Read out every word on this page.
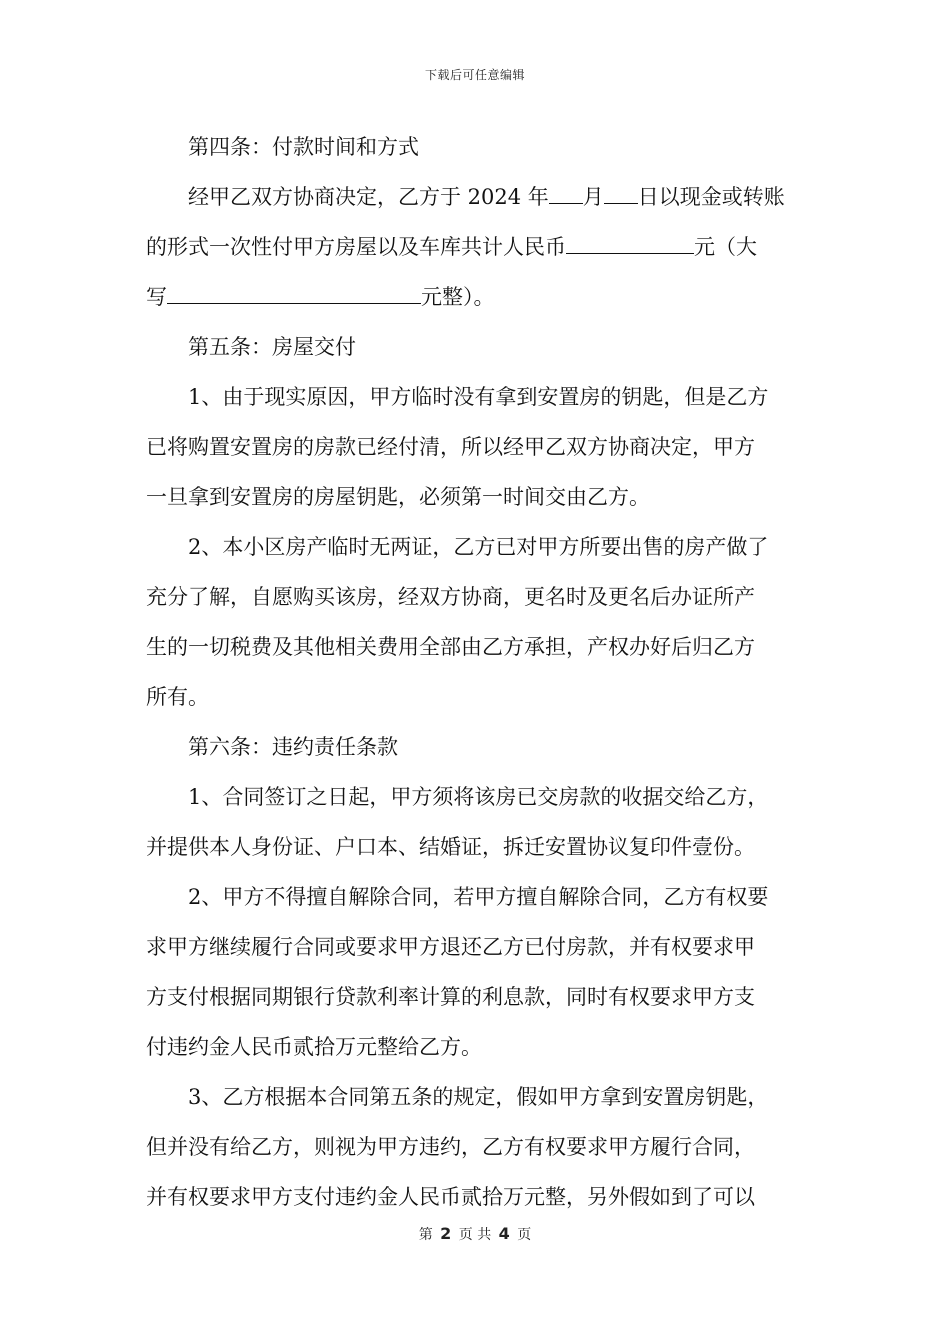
下载后可任意编辑
第四条：付款时间和方式
经甲乙双方协商决定，乙方于 2024 年 月 日以现金或转账
的形式一次性付甲方房屋以及车库共计人民币	元（大
写	元整）。
第五条：房屋交付
1、由于现实原因，甲方临时没有拿到安置房的钥匙，但是乙方
已将购置安置房的房款已经付清，所以经甲乙双方协商决定，甲方
一旦拿到安置房的房屋钥匙，必须第一时间交由乙方。
2、本小区房产临时无两证，乙方已对甲方所要出售的房产做了
充分了解，自愿购买该房，经双方协商，更名时及更名后办证所产
生的一切税费及其他相关费用全部由乙方承担，产权办好后归乙方
所有。
第六条：违约责任条款
1、合同签订之日起，甲方须将该房已交房款的收据交给乙方，
并提供本人身份证、户口本、结婚证，拆迁安置协议复印件壹份。
2、甲方不得擅自解除合同，若甲方擅自解除合同，乙方有权要
求甲方继续履行合同或要求甲方退还乙方已付房款，并有权要求甲
方支付根据同期银行贷款利率计算的利息款，同时有权要求甲方支
付违约金人民币贰拾万元整给乙方。
3、乙方根据本合同第五条的规定，假如甲方拿到安置房钥匙，
但并没有给乙方，则视为甲方违约，乙方有权要求甲方履行合同，
并有权要求甲方支付违约金人民币贰拾万元整，另外假如到了可以
第 2 页 共 4 页
